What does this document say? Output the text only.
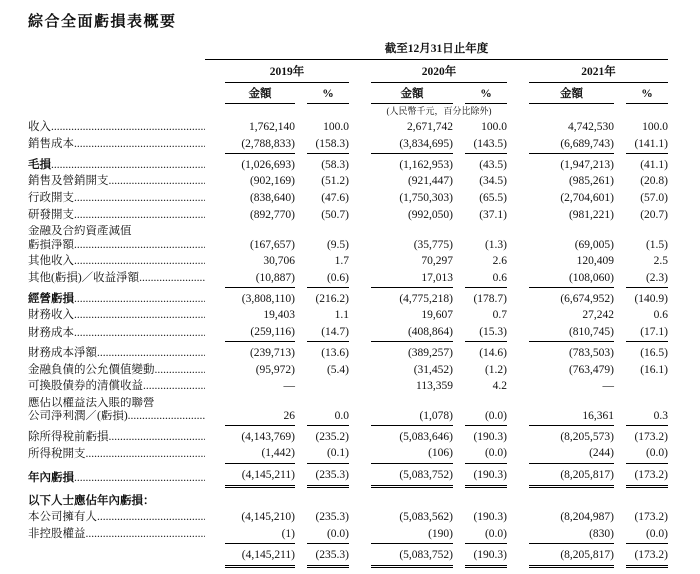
綜合全面虧損表概要
	截至12月31日止年度											
		2019年				2020年				2021年		
		金額		%		金額		%		金額		%
						(人民幣千元，百分比除外)						
收入 .....		1,762,140		100.0		2,671,742		100.0		4,742,530		100.0
銷售成本 .....		(2,788,833)		(158.3)		(3,834,695)		(143.5)		(6,689,743)		(141.1)
毛損 .....		(1,026,693)		(58.3)		(1,162,953)		(43.5)		(1,947,213)		(41.1)
銷售及營銷開支 .....		(902,169)		(51.2)		(921,447)		(34.5)		(985,261)		(20.8)
行政開支 .....		(838,640)		(47.6)		(1,750,303)		(65.5)		(2,704,601)		(57.0)
研發開支 .....		(892,770)		(50.7)		(992,050)		(37.1)		(981,221)		(20.7)

金融及合約資產減值
虧損淨額 .....		(167,657)		(9.5)		(35,775)		(1.3)		(69,005)		(1.5)
其他收入 .....		30,706		1.7		70,297		2.6		120,409		2.5
其他(虧損)／收益淨額 .....		(10,887)		(0.6)		17,013		0.6		(108,060)		(2.3)
經營虧損 .....		(3,808,110)		(216.2)		(4,775,218)		(178.7)		(6,674,952)		(140.9)
財務收入 .....		19,403		1.1		19,607		0.7		27,242		0.6
財務成本 .....		(259,116)		(14.7)		(408,864)		(15.3)		(810,745)		(17.1)
財務成本淨額 .....		(239,713)		(13.6)		(389,257)		(14.6)		(783,503)		(16.5)
金融負債的公允價值變動 .....		(95,972)		(5.4)		(31,452)		(1.2)		(763,479)		(16.1)
可換股債券的清償收益 .....		—				113,359		4.2		—		

應佔以權益法入賬的聯營
公司淨利潤／(虧損) .....		26		0.0		(1,078)		(0.0)		16,361		0.3
除所得稅前虧損 .....		(4,143,769)		(235.2)		(5,083,646)		(190.3)		(8,205,573)		(173.2)
所得稅開支 .....		(1,442)		(0.1)		(106)		(0.0)		(244)		(0.0)
年內虧損 .....		(4,145,211)		(235.3)		(5,083,752)		(190.3)		(8,205,817)		(173.2)
以下人士應佔年內虧損：												
本公司擁有人 .....		(4,145,210)		(235.3)		(5,083,562)		(190.3)		(8,204,987)		(173.2)
非控股權益 .....		(1)		(0.0)		(190)		(0.0)		(830)		(0.0)
		(4,145,211)		(235.3)		(5,083,752)		(190.3)		(8,205,817)		(173.2)
